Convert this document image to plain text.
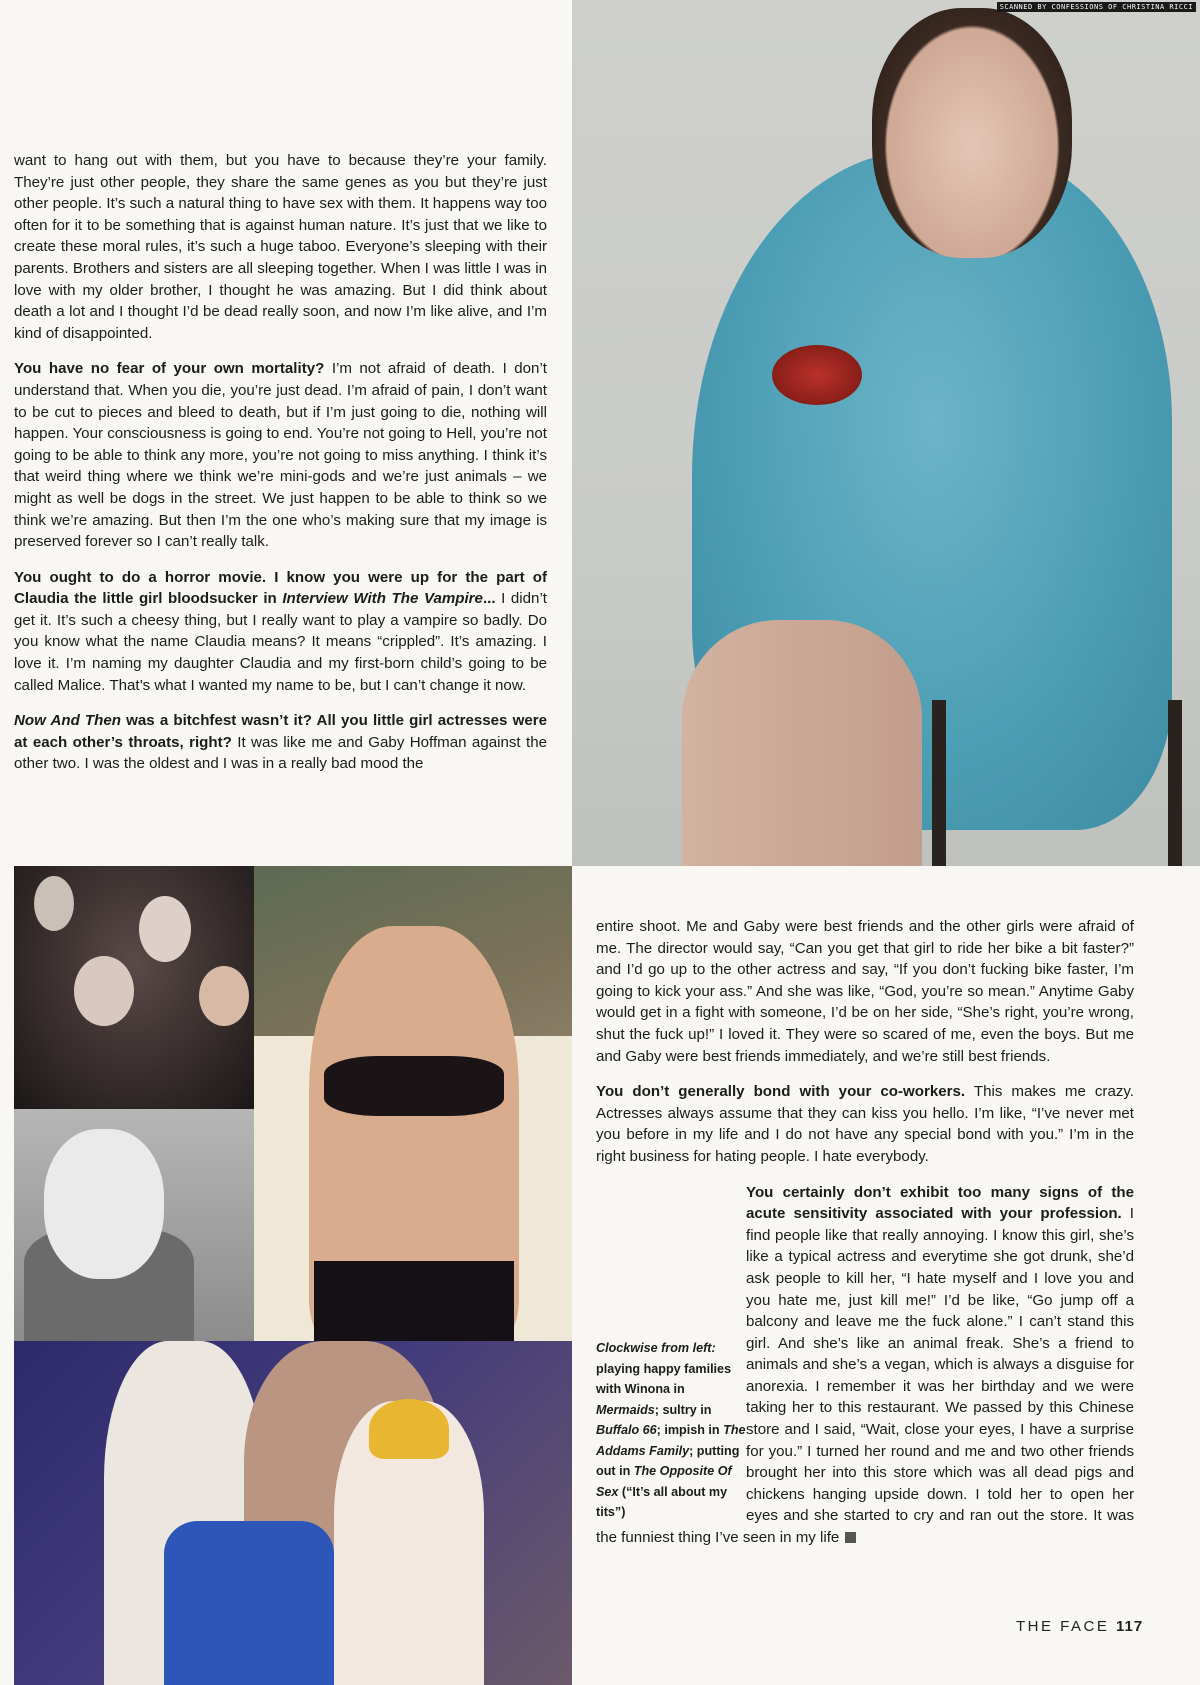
SCANNED BY CONFESSIONS OF CHRISTINA RICCI

want to hang out with them, but you have to because they’re your family. They’re just other people, they share the same genes as you but they’re just other people. It’s such a natural thing to have sex with them. It happens way too often for it to be something that is against human nature. It’s just that we like to create these moral rules, it’s such a huge taboo. Everyone’s sleeping with their parents. Brothers and sisters are all sleeping together. When I was little I was in love with my older brother, I thought he was amazing. But I did think about death a lot and I thought I’d be dead really soon, and now I’m like alive, and I’m kind of disappointed.

You have no fear of your own mortality? I’m not afraid of death. I don’t understand that. When you die, you’re just dead. I’m afraid of pain, I don’t want to be cut to pieces and bleed to death, but if I’m just going to die, nothing will happen. Your consciousness is going to end. You’re not going to Hell, you’re not going to be able to think any more, you’re not going to miss anything. I think it’s that weird thing where we think we’re mini-gods and we’re just animals – we might as well be dogs in the street. We just happen to be able to think so we think we’re amazing. But then I’m the one who’s making sure that my image is preserved forever so I can’t really talk.

You ought to do a horror movie. I know you were up for the part of Claudia the little girl bloodsucker in Interview With The Vampire... I didn’t get it. It’s such a cheesy thing, but I really want to play a vampire so badly. Do you know what the name Claudia means? It means “crippled”. It’s amazing. I love it. I’m naming my daughter Claudia and my first-born child’s going to be called Malice. That’s what I wanted my name to be, but I can’t change it now.

Now And Then was a bitchfest wasn’t it? All you little girl actresses were at each other’s throats, right? It was like me and Gaby Hoffman against the other two. I was the oldest and I was in a really bad mood the

entire shoot. Me and Gaby were best friends and the other girls were afraid of me. The director would say, “Can you get that girl to ride her bike a bit faster?” and I’d go up to the other actress and say, “If you don’t fucking bike faster, I’m going to kick your ass.” And she was like, “God, you’re so mean.” Anytime Gaby would get in a fight with someone, I’d be on her side, “She’s right, you’re wrong, shut the fuck up!” I loved it. They were so scared of me, even the boys. But me and Gaby were best friends immediately, and we’re still best friends.

You don’t generally bond with your co-workers. This makes me crazy. Actresses always assume that they can kiss you hello. I’m like, “I’ve never met you before in my life and I do not have any special bond with you.” I’m in the right business for hating people. I hate everybody.

You certainly don’t exhibit too many signs of the acute sensitivity associated with your profession. I find people like that really annoying. I know this girl, she’s like a typical actress and everytime she got drunk, she’d ask people to kill her, “I hate myself and I love you and you hate me, just kill me!” I’d be like, “Go jump off a balcony and leave me the fuck alone.” I can’t stand this girl. And she’s like an animal freak. She’s a friend to animals and she’s a vegan, which is always a disguise for anorexia. I remember it was her birthday and we were taking her to this restaurant. We passed by this Chinese store and I said, “Wait, close your eyes, I have a surprise for you.” I turned her round and me and two other friends brought her into this store which was all dead pigs and chickens hanging upside down. I told her to open her eyes and she started to cry and ran out the store. It was the funniest thing I’ve seen in my life

Clockwise from left: playing happy families with Winona in Mermaids; sultry in Buffalo 66; impish in The Addams Family; putting out in The Opposite Of Sex (“It’s all about my tits”)
THE FACE 117
